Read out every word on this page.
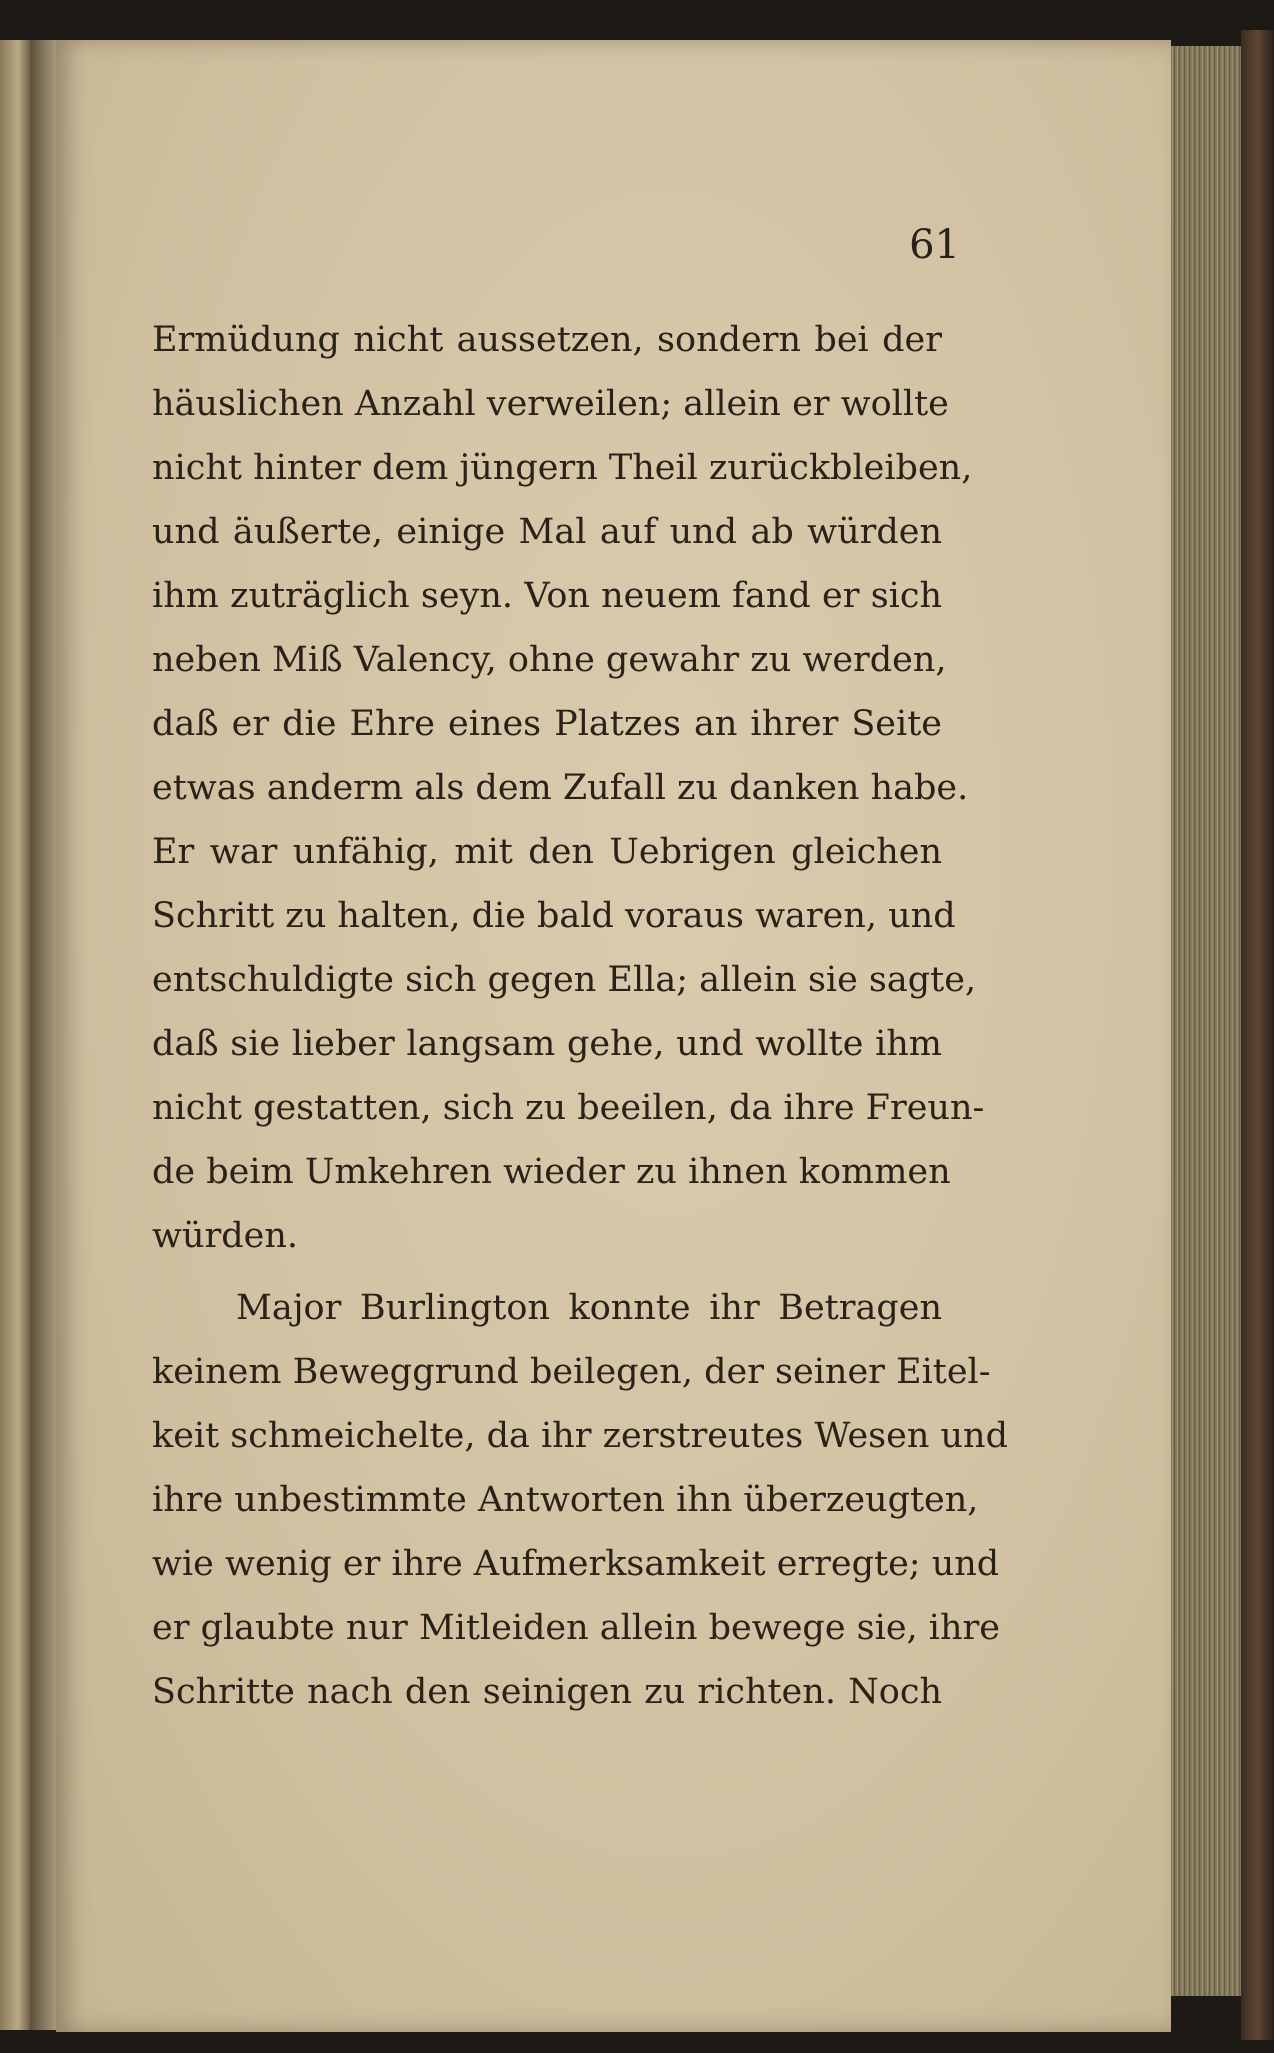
61
Ermüdung nicht aussetzen, sondern bei der
häuslichen Anzahl verweilen; allein er wollte
nicht hinter dem jüngern Theil zurückbleiben,
und äußerte, einige Mal auf und ab würden
ihm zuträglich seyn. Von neuem fand er sich
neben Miß Valency, ohne gewahr zu werden,
daß er die Ehre eines Platzes an ihrer Seite
etwas anderm als dem Zufall zu danken habe.
Er war unfähig, mit den Uebrigen gleichen
Schritt zu halten, die bald voraus waren, und
entschuldigte sich gegen Ella; allein sie sagte,
daß sie lieber langsam gehe, und wollte ihm
nicht gestatten, sich zu beeilen, da ihre Freun-
de beim Umkehren wieder zu ihnen kommen
würden.
Major Burlington konnte ihr Betragen
keinem Beweggrund beilegen, der seiner Eitel-
keit schmeichelte, da ihr zerstreutes Wesen und
ihre unbestimmte Antworten ihn überzeugten,
wie wenig er ihre Aufmerksamkeit erregte; und
er glaubte nur Mitleiden allein bewege sie, ihre
Schritte nach den seinigen zu richten. Noch
